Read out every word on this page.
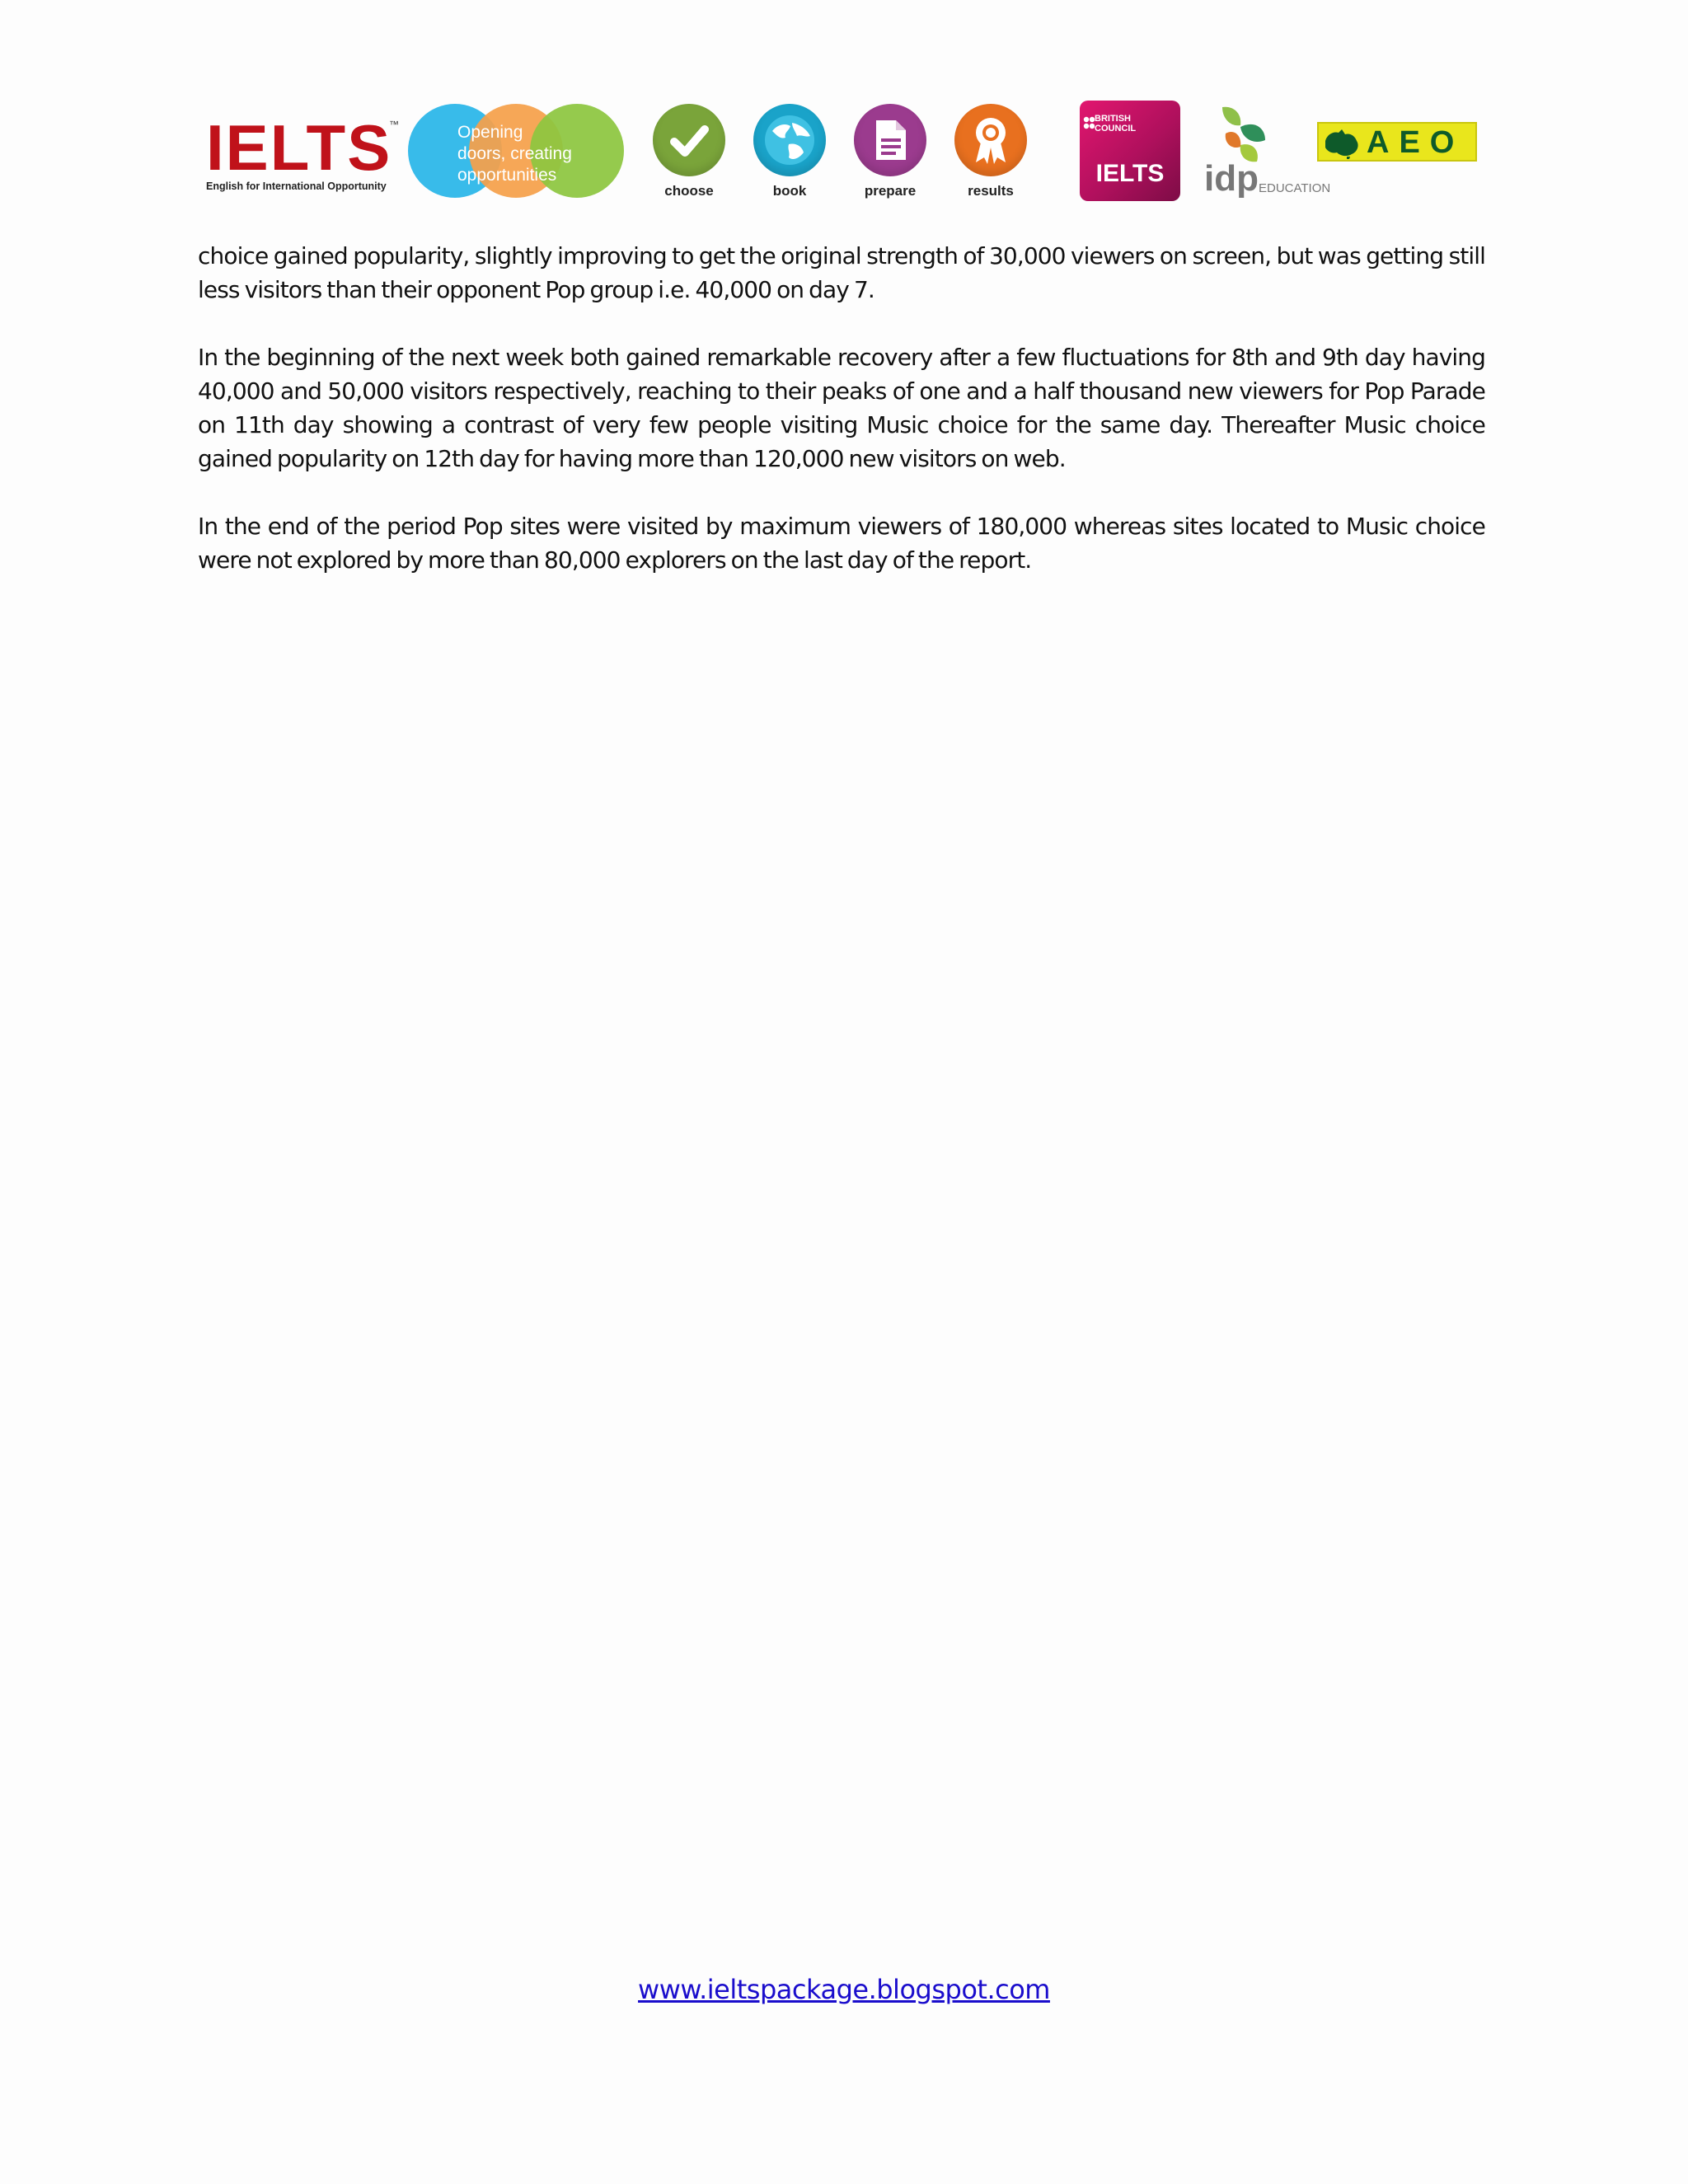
IELTS
™
English for International Opportunity
Opening
doors, creating
opportunities
choose	book	prepare	results
BRITISH
COUNCIL
IELTS	idp EDUCATION
AEO

choice gained popularity, slightly improving to get the original strength of 30,000 viewers on screen, but was getting still less visitors than their opponent Pop group i.e. 40,000 on day 7.

In the beginning of the next week both gained remarkable recovery after a few fluctuations for 8th and 9th day having 40,000 and 50,000 visitors respectively, reaching to their peaks of one and a half thousand new viewers for Pop Parade on 11th day showing a contrast of very few people visiting Music choice for the same day. Thereafter Music choice gained popularity on 12th day for having more than 120,000 new visitors on web.

In the end of the period Pop sites were visited by maximum viewers of 180,000 whereas sites located to Music choice were not explored by more than 80,000 explorers on the last day of the report.

www.ieltspackage.blogspot.com
